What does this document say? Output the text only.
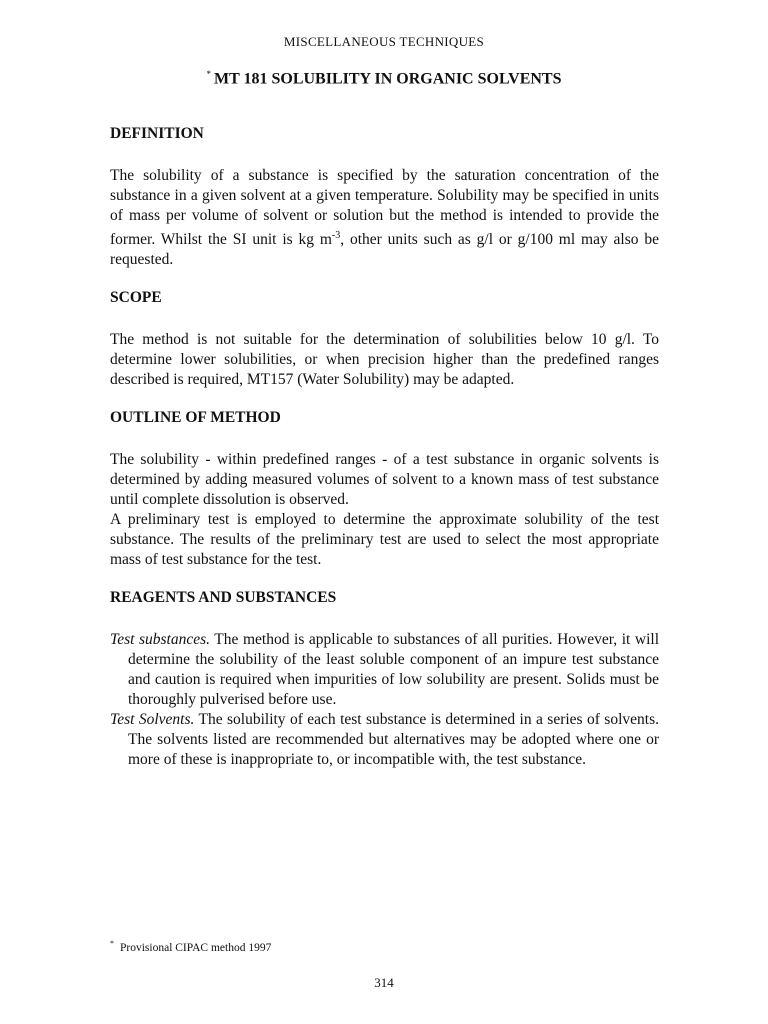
MISCELLANEOUS TECHNIQUES
* MT 181 SOLUBILITY IN ORGANIC SOLVENTS
DEFINITION

The solubility of a substance is specified by the saturation concentration of the substance in a given solvent at a given temperature. Solubility may be specified in units of mass per volume of solvent or solution but the method is intended to provide the former. Whilst the SI unit is kg $m^{-3}$, other units such as g/l or g/100 ml may also be requested.

SCOPE

The method is not suitable for the determination of solubilities below 10 g/l. To determine lower solubilities, or when precision higher than the predefined ranges described is required, MT157 (Water Solubility) may be adapted.

OUTLINE OF METHOD

The solubility - within predefined ranges - of a test substance in organic solvents is determined by adding measured volumes of solvent to a known mass of test substance until complete dissolution is observed.

A preliminary test is employed to determine the approximate solubility of the test substance. The results of the preliminary test are used to select the most appropriate mass of test substance for the test.

REAGENTS AND SUBSTANCES

Test substances. The method is applicable to substances of all purities. However, it will determine the solubility of the least soluble component of an impure test substance and caution is required when impurities of low solubility are present. Solids must be thoroughly pulverised before use.

Test Solvents. The solubility of each test substance is determined in a series of solvents. The solvents listed are recommended but alternatives may be adopted where one or more of these is inappropriate to, or incompatible with, the test substance.

* Provisional CIPAC method 1997
314
